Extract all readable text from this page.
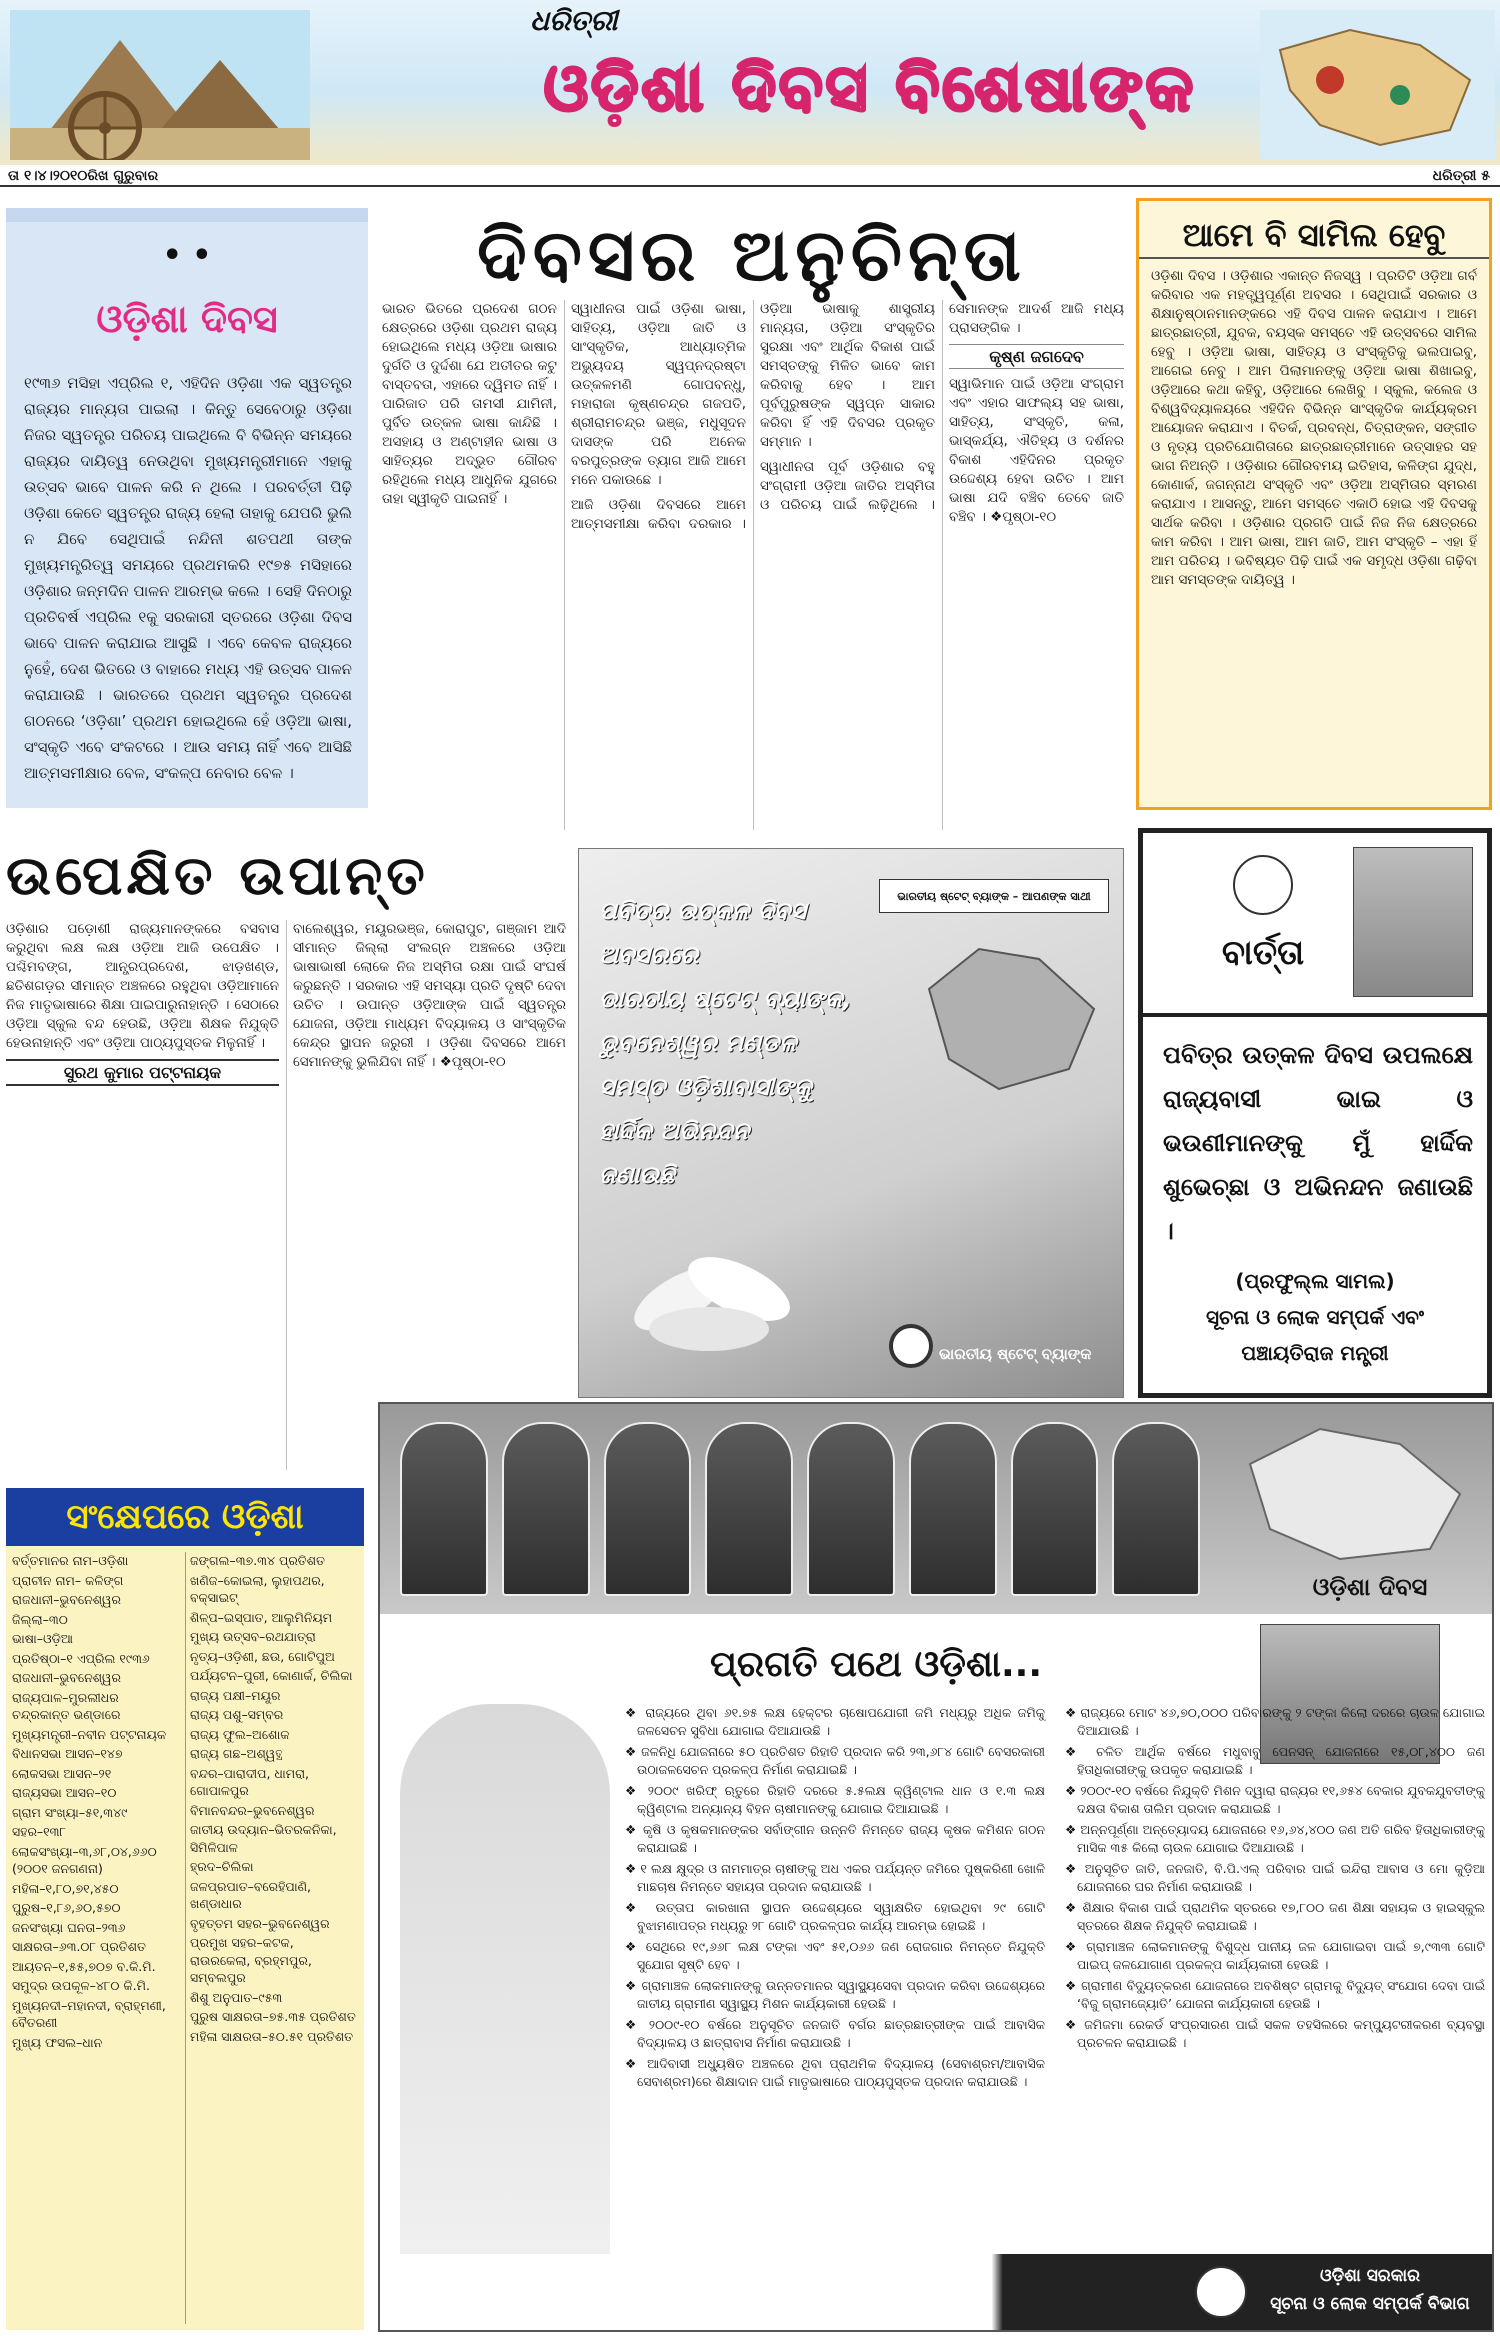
ଧରିତ୍ରୀ
ଓଡ଼ିଶା ଦିବସ ବିଶେଷାଙ୍କ
ତା ୧।୪।୨୦୧୦ରିଖ ଗୁରୁବାର	ଧରିତ୍ରୀ ୫
• •
ଓଡ଼ିଶା ଦିବସ
୧୯୩୬ ମସିହା ଏପ୍ରିଲ ୧, ଏହିଦିନ ଓଡ଼ିଶା ଏକ ସ୍ୱତନ୍ତ୍ର ରାଜ୍ୟର ମାନ୍ୟତା ପାଇଲା । କିନ୍ତୁ ସେବେଠାରୁ ଓଡ଼ିଶା ନିଜର ସ୍ୱତନ୍ତ୍ର ପରିଚୟ ପାଇଥିଲେ ବି ବିଭିନ୍ନ ସମୟରେ ରାଜ୍ୟର ଦାୟିତ୍ୱ ନେଉଥିବା ମୁଖ୍ୟମନ୍ତ୍ରୀମାନେ ଏହାକୁ ଉତ୍ସବ ଭାବେ ପାଳନ କରି ନ ଥିଲେ । ପରବର୍ତ୍ତୀ ପିଢ଼ି ଓଡ଼ିଶା କେତେ ସ୍ୱତନ୍ତ୍ର ରାଜ୍ୟ ହେଲା ତାହାକୁ ଯେପରି ଭୁଲି ନ ଯିବେ ସେଥିପାଇଁ ନନ୍ଦିନୀ ଶତପଥୀ ତାଙ୍କ ମୁଖ୍ୟମନ୍ତ୍ରିତ୍ୱ ସମୟରେ ପ୍ରଥମକରି ୧୯୭୫ ମସିହାରେ ଓଡ଼ିଶାର ଜନ୍ମଦିନ ପାଳନ ଆରମ୍ଭ କଲେ । ସେହି ଦିନଠାରୁ ପ୍ରତିବର୍ଷ ଏପ୍ରିଲ ୧କୁ ସରକାରୀ ସ୍ତରରେ ଓଡ଼ିଶା ଦିବସ ଭାବେ ପାଳନ କରାଯାଇ ଆସୁଛି । ଏବେ କେବଳ ରାଜ୍ୟରେ ନୁହେଁ, ଦେଶ ଭିତରେ ଓ ବାହାରେ ମଧ୍ୟ ଏହି ଉତ୍ସବ ପାଳନ କରାଯାଉଛି । ଭାରତରେ ପ୍ରଥମ ସ୍ୱତନ୍ତ୍ର ପ୍ରଦେଶ ଗଠନରେ ‘ଓଡ଼ିଶା’ ପ୍ରଥମ ହୋଇଥିଲେ ହେଁ ଓଡ଼ିଆ ଭାଷା, ସଂସ୍କୃତି ଏବେ ସଂକଟରେ । ଆଉ ସମୟ ନାହିଁ ଏବେ ଆସିଛି ଆତ୍ମସମୀକ୍ଷାର ବେଳ, ସଂକଳ୍ପ ନେବାର ବେଳ ।
ଦିବସର ଅନୁଚିନ୍ତା

ଭାରତ ଭିତରେ ପ୍ରଦେଶ ଗଠନ କ୍ଷେତ୍ରରେ ଓଡ଼ିଶା ପ୍ରଥମ ରାଜ୍ୟ ହୋଇଥିଲେ ମଧ୍ୟ ଓଡ଼ିଆ ଭାଷାର ଦୁର୍ଗତି ଓ ଦୁର୍ଦ୍ଦଶା ଯେ ଅତୀତର କଟୁ ବାସ୍ତବତା, ଏହାରେ ଦ୍ୱିମତ ନାହିଁ । ପାରିଜାତ ପରି ତାମସୀ ଯାମିନୀ, ପୁର୍ବିତ ଉତ୍କଳ ଭାଷା କାନ୍ଦିଛି । ଅସହାୟ ଓ ଅଣ୍ଟାହୀନ ଭାଷା ଓ ସାହିତ୍ୟର ଅଦ୍ଭୁତ ଗୌରବ ରହିଥିଲେ ମଧ୍ୟ ଆଧୁନିକ ଯୁଗରେ ତାହା ସ୍ୱୀକୃତି ପାଇନାହିଁ ।

ସ୍ୱାଧୀନତା ପାଇଁ ଓଡ଼ିଶା ଭାଷା, ସାହିତ୍ୟ, ଓଡ଼ିଆ ଜାତି ଓ ସାଂସ୍କୃତିକ, ଆଧ୍ୟାତ୍ମିକ ଅଭ୍ୟୁଦୟ ସ୍ୱପ୍ନଦ୍ରଷ୍ଟା ଉତ୍କଳମଣି ଗୋପବନ୍ଧୁ, ମହାରାଜା କୃଷ୍ଣଚନ୍ଦ୍ର ଗଜପତି, ଶ୍ରୀରାମଚନ୍ଦ୍ର ଭଞ୍ଜ, ମଧୁସୂଦନ ଦାସଙ୍କ ପରି ଅନେକ ବରପୁତ୍ରଙ୍କ ତ୍ୟାଗ ଆଜି ଆମେ ମନେ ପକାଉଛେ ।

ଆଜି ଓଡ଼ିଶା ଦିବସରେ ଆମେ ଆତ୍ମସମୀକ୍ଷା କରିବା ଦରକାର । ଓଡ଼ିଆ ଭାଷାକୁ ଶାସ୍ତ୍ରୀୟ ମାନ୍ୟତା, ଓଡ଼ିଆ ସଂସ୍କୃତିର ସୁରକ୍ଷା ଏବଂ ଆର୍ଥିକ ବିକାଶ ପାଇଁ ସମସ୍ତଙ୍କୁ ମିଳିତ ଭାବେ କାମ କରିବାକୁ ହେବ । ଆମ ପୂର୍ବପୁରୁଷଙ୍କ ସ୍ୱପ୍ନ ସାକାର କରିବା ହିଁ ଏହି ଦିବସର ପ୍ରକୃତ ସମ୍ମାନ ।

ସ୍ୱାଧୀନତା ପୂର୍ବ ଓଡ଼ିଶାର ବହୁ ସଂଗ୍ରାମୀ ଓଡ଼ିଆ ଜାତିର ଅସ୍ମିତା ଓ ପରିଚୟ ପାଇଁ ଲଢ଼ିଥିଲେ । ସେମାନଙ୍କ ଆଦର୍ଶ ଆଜି ମଧ୍ୟ ପ୍ରାସଙ୍ଗିକ ।

କୃଷ୍ଣ ଜଗଦେବ

ସ୍ୱାଭିମାନ ପାଇଁ ଓଡ଼ିଆ ସଂଗ୍ରାମ ଏବଂ ଏହାର ସାଫଲ୍ୟ ସହ ଭାଷା, ସାହିତ୍ୟ, ସଂସ୍କୃତି, କଳା, ଭାସ୍କର୍ଯ୍ୟ, ଐତିହ୍ୟ ଓ ଦର୍ଶନର ବିକାଶ ଏହିଦିନର ପ୍ରକୃତ ଉଦ୍ଦେଶ୍ୟ ହେବା ଉଚିତ । ଆମ ଭାଷା ଯଦି ବଞ୍ଚିବ ତେବେ ଜାତି ବଞ୍ଚିବ । ❖ପୃଷ୍ଠା-୧୦

ଆମେ ବି ସାମିଲ ହେବୁ
ଓଡ଼ିଶା ଦିବସ । ଓଡ଼ିଶାର ଏକାନ୍ତ ନିଜସ୍ୱ । ପ୍ରତିଟି ଓଡ଼ିଆ ଗର୍ବ କରିବାର ଏକ ମହତ୍ତ୍ୱପୂର୍ଣ୍ଣ ଅବସର । ସେଥିପାଇଁ ସରକାର ଓ ଶିକ୍ଷାନୁଷ୍ଠାନମାନଙ୍କରେ ଏହି ଦିବସ ପାଳନ କରାଯାଏ । ଆମେ ଛାତ୍ରଛାତ୍ରୀ, ଯୁବକ, ବୟସ୍କ ସମସ୍ତେ ଏହି ଉତ୍ସବରେ ସାମିଲ ହେବୁ । ଓଡ଼ିଆ ଭାଷା, ସାହିତ୍ୟ ଓ ସଂସ୍କୃତିକୁ ଭଲପାଇବୁ, ଆଗେଇ ନେବୁ । ଆମ ପିଲାମାନଙ୍କୁ ଓଡ଼ିଆ ଭାଷା ଶିଖାଇବୁ, ଓଡ଼ିଆରେ କଥା କହିବୁ, ଓଡ଼ିଆରେ ଲେଖିବୁ । ସ୍କୁଲ, କଲେଜ ଓ ବିଶ୍ୱବିଦ୍ୟାଳୟରେ ଏହିଦିନ ବିଭିନ୍ନ ସାଂସ୍କୃତିକ କାର୍ଯ୍ୟକ୍ରମ ଆୟୋଜନ କରାଯାଏ । ବିତର୍କ, ପ୍ରବନ୍ଧ, ଚିତ୍ରାଙ୍କନ, ସଙ୍ଗୀତ ଓ ନୃତ୍ୟ ପ୍ରତିଯୋଗିତାରେ ଛାତ୍ରଛାତ୍ରୀମାନେ ଉତ୍ସାହର ସହ ଭାଗ ନିଅନ୍ତି । ଓଡ଼ିଶାର ଗୌରବମୟ ଇତିହାସ, କଳିଙ୍ଗ ଯୁଦ୍ଧ, କୋଣାର୍କ, ଜଗନ୍ନାଥ ସଂସ୍କୃତି ଏବଂ ଓଡ଼ିଆ ଅସ୍ମିତାର ସ୍ମରଣ କରାଯାଏ । ଆସନ୍ତୁ, ଆମେ ସମସ୍ତେ ଏକାଠି ହୋଇ ଏହି ଦିବସକୁ ସାର୍ଥକ କରିବା । ଓଡ଼ିଶାର ପ୍ରଗତି ପାଇଁ ନିଜ ନିଜ କ୍ଷେତ୍ରରେ କାମ କରିବା । ଆମ ଭାଷା, ଆମ ଜାତି, ଆମ ସଂସ୍କୃତି – ଏହା ହିଁ ଆମ ପରିଚୟ । ଭବିଷ୍ୟତ ପିଢ଼ି ପାଇଁ ଏକ ସମୃଦ୍ଧ ଓଡ଼ିଶା ଗଢ଼ିବା ଆମ ସମସ୍ତଙ୍କ ଦାୟିତ୍ୱ ।
ଉପେକ୍ଷିତ ଉପାନ୍ତ

ଓଡ଼ିଶାର ପଡ଼ୋଶୀ ରାଜ୍ୟମାନଙ୍କରେ ବସବାସ କରୁଥିବା ଲକ୍ଷ ଲକ୍ଷ ଓଡ଼ିଆ ଆଜି ଉପେକ୍ଷିତ । ପଶ୍ଚିମବଙ୍ଗ, ଆନ୍ଧ୍ରପ୍ରଦେଶ, ଝାଡ଼ଖଣ୍ଡ, ଛତିଶଗଡ଼ର ସୀମାନ୍ତ ଅଞ୍ଚଳରେ ରହୁଥିବା ଓଡ଼ିଆମାନେ ନିଜ ମାତୃଭାଷାରେ ଶିକ୍ଷା ପାଇପାରୁନାହାନ୍ତି । ସେଠାରେ ଓଡ଼ିଆ ସ୍କୁଲ ବନ୍ଦ ହେଉଛି, ଓଡ଼ିଆ ଶିକ୍ଷକ ନିଯୁକ୍ତି ହେଉନାହାନ୍ତି ଏବଂ ଓଡ଼ିଆ ପାଠ୍ୟପୁସ୍ତକ ମିଳୁନାହିଁ ।

ସୁରଥ କୁମାର ପଟ୍ଟନାୟକ

ବାଲେଶ୍ୱର, ମୟୂରଭଞ୍ଜ, କୋରାପୁଟ, ଗଞ୍ଜାମ ଆଦି ସୀମାନ୍ତ ଜିଲ୍ଲା ସଂଲଗ୍ନ ଅଞ୍ଚଳରେ ଓଡ଼ିଆ ଭାଷାଭାଷୀ ଲୋକେ ନିଜ ଅସ୍ମିତା ରକ୍ଷା ପାଇଁ ସଂଘର୍ଷ କରୁଛନ୍ତି । ସରକାର ଏହି ସମସ୍ୟା ପ୍ରତି ଦୃଷ୍ଟି ଦେବା ଉଚିତ । ଉପାନ୍ତ ଓଡ଼ିଆଙ୍କ ପାଇଁ ସ୍ୱତନ୍ତ୍ର ଯୋଜନା, ଓଡ଼ିଆ ମାଧ୍ୟମ ବିଦ୍ୟାଳୟ ଓ ସାଂସ୍କୃତିକ କେନ୍ଦ୍ର ସ୍ଥାପନ ଜରୁରୀ । ଓଡ଼ିଶା ଦିବସରେ ଆମେ ସେମାନଙ୍କୁ ଭୁଲିଯିବା ନାହିଁ । ❖ପୃଷ୍ଠା-୧୦

ଭାରତୀୟ ଷ୍ଟେଟ୍ ବ୍ୟାଙ୍କ – ଆପଣଙ୍କ ସାଥୀ
ପବିତ୍ର ଉତ୍କଳ ଦିବସ
ଅବସରରେ
ଭାରତୀୟ ଷ୍ଟେଟ୍ ବ୍ୟାଙ୍କ,
ଭୁବନେଶ୍ୱର ମଣ୍ଡଳ
ସମସ୍ତ ଓଡ଼ିଶାବାସୀଙ୍କୁ
ହାର୍ଦ୍ଦିକ ଅଭିନନ୍ଦନ
ଜଣାଉଛି
ଭାରତୀୟ ଷ୍ଟେଟ୍ ବ୍ୟାଙ୍କ
ବାର୍ତ୍ତା
ପବିତ୍ର ଉତ୍କଳ ଦିବସ ଉପଲକ୍ଷେ ରାଜ୍ୟବାସୀ ଭାଇ ଓ ଭଉଣୀମାନଙ୍କୁ ମୁଁ ହାର୍ଦ୍ଦିକ ଶୁଭେଚ୍ଛା ଓ ଅଭିନନ୍ଦନ ଜଣାଉଛି ।
(ପ୍ରଫୁଲ୍ଲ ସାମଲ)
ସୂଚନା ଓ ଲୋକ ସମ୍ପର୍କ ଏବଂ
ପଞ୍ଚାୟତିରାଜ ମନ୍ତ୍ରୀ
ସଂକ୍ଷେପରେ ଓଡ଼ିଶା
ବର୍ତ୍ତମାନର ନାମ–ଓଡ଼ିଶା
ପ୍ରାଚୀନ ନାମ– କଳିଙ୍ଗ
ରାଜଧାନୀ–ଭୁବନେଶ୍ୱର
ଜିଲ୍ଲା–୩୦
ଭାଷା–ଓଡ଼ିଆ
ପ୍ରତିଷ୍ଠା–୧ ଏପ୍ରିଲ ୧୯୩୬
ରାଜଧାନୀ–ଭୁବନେଶ୍ୱର
ରାଜ୍ୟପାଳ–ମୁରଲୀଧର ଚନ୍ଦ୍ରକାନ୍ତ ଭଣ୍ଡାରେ
ମୁଖ୍ୟମନ୍ତ୍ରୀ–ନବୀନ ପଟ୍ଟନାୟକ
ବିଧାନସଭା ଆସନ–୧୪୭
ଲୋକସଭା ଆସନ–୨୧
ରାଜ୍ୟସଭା ଆସନ–୧୦
ଗ୍ରାମ ସଂଖ୍ୟା–୫୧,୩୪୯
ସହର–୧୩୮
ଲୋକସଂଖ୍ୟା–୩,୬୮,୦୪,୬୬୦ (୨୦୦୧ ଜନଗଣନା)
ମହିଳା–୧,୮୦,୭୧,୪୫୦
ପୁରୁଷ–୧,୮୬,୬୦,୫୭୦
ଜନସଂଖ୍ୟା ଘନତା–୨୩୬
ସାକ୍ଷରତା–୬୩.୦୮ ପ୍ରତିଶତ
ଆୟତନ–୧,୫୫,୭୦୭ ବ.କି.ମି.
ସମୁଦ୍ର ଉପକୂଳ–୪୮୦ କି.ମି.
ମୁଖ୍ୟନଦୀ–ମହାନଦୀ, ବ୍ରାହ୍ମଣୀ, ବୈତରଣୀ
ମୁଖ୍ୟ ଫସଲ–ଧାନ
ଜଙ୍ଗଲ–୩୭.୩୪ ପ୍ରତିଶତ
ଖଣିଜ–କୋଇଲା, ଲୁହାପଥର, ବକ୍ସାଇଟ୍
ଶିଳ୍ପ–ଇସ୍ପାତ, ଆଲୁମିନିୟମ
ମୁଖ୍ୟ ଉତ୍ସବ–ରଥଯାତ୍ରା
ନୃତ୍ୟ–ଓଡ଼ିଶୀ, ଛଉ, ଗୋଟିପୁଅ
ପର୍ଯ୍ୟଟନ–ପୁରୀ, କୋଣାର୍କ, ଚିଲିକା
ରାଜ୍ୟ ପକ୍ଷୀ–ମୟୂର
ରାଜ୍ୟ ପଶୁ–ସମ୍ବର
ରାଜ୍ୟ ଫୁଲ–ଅଶୋକ
ରାଜ୍ୟ ଗଛ–ଅଶ୍ୱତ୍ଥ
ବନ୍ଦର–ପାରାଦୀପ, ଧାମରା, ଗୋପାଳପୁର
ବିମାନବନ୍ଦର–ଭୁବନେଶ୍ୱର
ଜାତୀୟ ଉଦ୍ୟାନ–ଭିତରକନିକା, ସିମିଳିପାଳ
ହ୍ରଦ–ଚିଲିକା
ଜଳପ୍ରପାତ–ବରେହିପାଣି, ଖଣ୍ଡାଧାର
ବୃହତ୍ତମ ସହର–ଭୁବନେଶ୍ୱର
ପ୍ରମୁଖ ସହର–କଟକ, ରାଉରକେଲା, ବ୍ରହ୍ମପୁର, ସମ୍ବଲପୁର
ଶିଶୁ ଅନୁପାତ–୯୫୩
ପୁରୁଷ ସାକ୍ଷରତା–୭୫.୩୫ ପ୍ରତିଶତ
ମହିଳା ସାକ୍ଷରତା–୫୦.୫୧ ପ୍ରତିଶତ
ଓଡ଼ିଶା ଦିବସ
ପ୍ରଗତି ପଥେ ଓଡ଼ିଶା...
❖ ରାଜ୍ୟରେ ଥିବା ୬୧.୭୫ ଲକ୍ଷ ହେକ୍ଟର ଚାଷୋପଯୋଗୀ ଜମି ମଧ୍ୟରୁ ଅଧିକ ଜମିକୁ ଜଳସେଚନ ସୁବିଧା ଯୋଗାଇ ଦିଆଯାଉଛି ।
❖ ଜଳନିଧି ଯୋଜନାରେ ୫୦ ପ୍ରତିଶତ ରିହାତି ପ୍ରଦାନ କରି ୨୩,୬୮୪ ଗୋଟି ବେସରକାରୀ ଉଠାଜଳସେଚନ ପ୍ରକଳ୍ପ ନିର୍ମାଣ କରାଯାଇଛି ।
❖ ୨୦୦୯ ଖରିଫ୍ ଋତୁରେ ରିହାତି ଦରରେ ୫.୫ଲକ୍ଷ କ୍ୱିଣ୍ଟାଲ ଧାନ ଓ ୧.୩ ଲକ୍ଷ କ୍ୱିଣ୍ଟାଲ ଅନ୍ୟାନ୍ୟ ବିହନ ଚାଷୀମାନଙ୍କୁ ଯୋଗାଇ ଦିଆଯାଇଛି ।
❖ କୃଷି ଓ କୃଷକମାନଙ୍କର ସର୍ବାଙ୍ଗୀନ ଉନ୍ନତି ନିମନ୍ତେ ରାଜ୍ୟ କୃଷକ କମିଶନ ଗଠନ କରାଯାଇଛି ।
❖ ୧ ଲକ୍ଷ କ୍ଷୁଦ୍ର ଓ ନାମମାତ୍ର ଚାଷୀଙ୍କୁ ଅଧ ଏକର ପର୍ଯ୍ୟନ୍ତ ଜମିରେ ପୁଷ୍କରିଣୀ ଖୋଳି ମାଛଚାଷ ନିମନ୍ତେ ସହାୟତା ପ୍ରଦାନ କରାଯାଉଛି ।
❖ ଉତ୍ତାପ କାରଖାନା ସ୍ଥାପନ ଉଦ୍ଦେଶ୍ୟରେ ସ୍ୱାକ୍ଷରିତ ହୋଇଥିବା ୨୯ ଗୋଟି ବୁଝାମଣାପତ୍ର ମଧ୍ୟରୁ ୨୮ ଗୋଟି ପ୍ରକଳ୍ପର କାର୍ଯ୍ୟ ଆରମ୍ଭ ହୋଇଛି ।
❖ ସେଥିରେ ୧୯,୬୬୮ ଲକ୍ଷ ଟଙ୍କା ଏବଂ ୫୧,୦୬୬ ଜଣ ରୋଜଗାର ନିମନ୍ତେ ନିଯୁକ୍ତି ସୁଯୋଗ ସୃଷ୍ଟି ହେବ ।
❖ ଗ୍ରାମାଞ୍ଚଳ ଲୋକମାନଙ୍କୁ ଉନ୍ନତମାନର ସ୍ୱାସ୍ଥ୍ୟସେବା ପ୍ରଦାନ କରିବା ଉଦ୍ଦେଶ୍ୟରେ ଜାତୀୟ ଗ୍ରାମୀଣ ସ୍ୱାସ୍ଥ୍ୟ ମିଶନ କାର୍ଯ୍ୟକାରୀ ହେଉଛି ।
❖ ୨୦୦୯-୧୦ ବର୍ଷରେ ଅନୁସୂଚିତ ଜନଜାତି ବର୍ଗର ଛାତ୍ରଛାତ୍ରୀଙ୍କ ପାଇଁ ଆବାସିକ ବିଦ୍ୟାଳୟ ଓ ଛାତ୍ରାବାସ ନିର୍ମାଣ କରାଯାଉଛି ।
❖ ଆଦିବାସୀ ଅଧ୍ୟୁଷିତ ଅଞ୍ଚଳରେ ଥିବା ପ୍ରାଥମିକ ବିଦ୍ୟାଳୟ (ସେବାଶ୍ରମ/ଆବାସିକ ସେବାଶ୍ରମ)ରେ ଶିକ୍ଷାଦାନ ପାଇଁ ମାତୃଭାଷାରେ ପାଠ୍ୟପୁସ୍ତକ ପ୍ରଦାନ କରାଯାଉଛି ।
❖ ରାଜ୍ୟରେ ମୋଟ ୪୬,୭୦,୦୦୦ ପରିବାରଙ୍କୁ ୨ ଟଙ୍କା କିଲୋ ଦରରେ ଚାଉଳ ଯୋଗାଇ ଦିଆଯାଉଛି ।
❖ ଚଳିତ ଆର୍ଥିକ ବର୍ଷରେ ମଧୁବାବୁ ପେନସନ୍ ଯୋଜନାରେ ୧୫,୦୮,୪୦୦ ଜଣ ହିତାଧିକାରୀଙ୍କୁ ଉପକୃତ କରାଯାଇଛି ।
❖ ୨୦୦୯-୧୦ ବର୍ଷରେ ନିଯୁକ୍ତି ମିଶନ ଦ୍ୱାରା ରାଜ୍ୟର ୧୧,୬୫୪ ବେକାର ଯୁବକଯୁବତୀଙ୍କୁ ଦକ୍ଷତା ବିକାଶ ତାଲିମ ପ୍ରଦାନ କରାଯାଇଛି ।
❖ ଅନ୍ନପୂର୍ଣ୍ଣା ଅନ୍ତ୍ୟୋଦୟ ଯୋଜନାରେ ୧୬,୬୪,୪୦୦ ଜଣ ଅତି ଗରିବ ହିତାଧିକାରୀଙ୍କୁ ମାସିକ ୩୫ କିଲୋ ଚାଉଳ ଯୋଗାଇ ଦିଆଯାଉଛି ।
❖ ଅନୁସୂଚିତ ଜାତି, ଜନଜାତି, ବି.ପି.ଏଲ୍ ପରିବାର ପାଇଁ ଇନ୍ଦିରା ଆବାସ ଓ ମୋ କୁଡ଼ିଆ ଯୋଜନାରେ ଘର ନିର୍ମାଣ କରାଯାଉଛି ।
❖ ଶିକ୍ଷାର ବିକାଶ ପାଇଁ ପ୍ରାଥମିକ ସ୍ତରରେ ୧୭,୮୦୦ ଜଣ ଶିକ୍ଷା ସହାୟକ ଓ ହାଇସ୍କୁଲ ସ୍ତରରେ ଶିକ୍ଷକ ନିଯୁକ୍ତି କରାଯାଇଛି ।
❖ ଗ୍ରାମାଞ୍ଚଳ ଲୋକମାନଙ୍କୁ ବିଶୁଦ୍ଧ ପାନୀୟ ଜଳ ଯୋଗାଇବା ପାଇଁ ୭,୯୩୩ ଗୋଟି ପାଇପ୍ ଜଳଯୋଗାଣ ପ୍ରକଳ୍ପ କାର୍ଯ୍ୟକାରୀ ହେଉଛି ।
❖ ଗ୍ରାମୀଣ ବିଦ୍ୟୁତ୍କରଣ ଯୋଜନାରେ ଅବଶିଷ୍ଟ ଗ୍ରାମକୁ ବିଦ୍ୟୁତ୍ ସଂଯୋଗ ଦେବା ପାଇଁ ‘ବିଜୁ ଗ୍ରାମଜ୍ୟୋତି’ ଯୋଜନା କାର୍ଯ୍ୟକାରୀ ହେଉଛି ।
❖ ଜମିଜମା ରେକର୍ଡ ସଂପ୍ରସାରଣ ପାଇଁ ସକଳ ତହସିଲରେ କମ୍ପ୍ୟୁଟରୀକରଣ ବ୍ୟବସ୍ଥା ପ୍ରଚଳନ କରାଯାଇଛି ।
ଓଡ଼ିଶା ସରକାର
ସୂଚନା ଓ ଲୋକ ସମ୍ପର୍କ ବିଭାଗ
